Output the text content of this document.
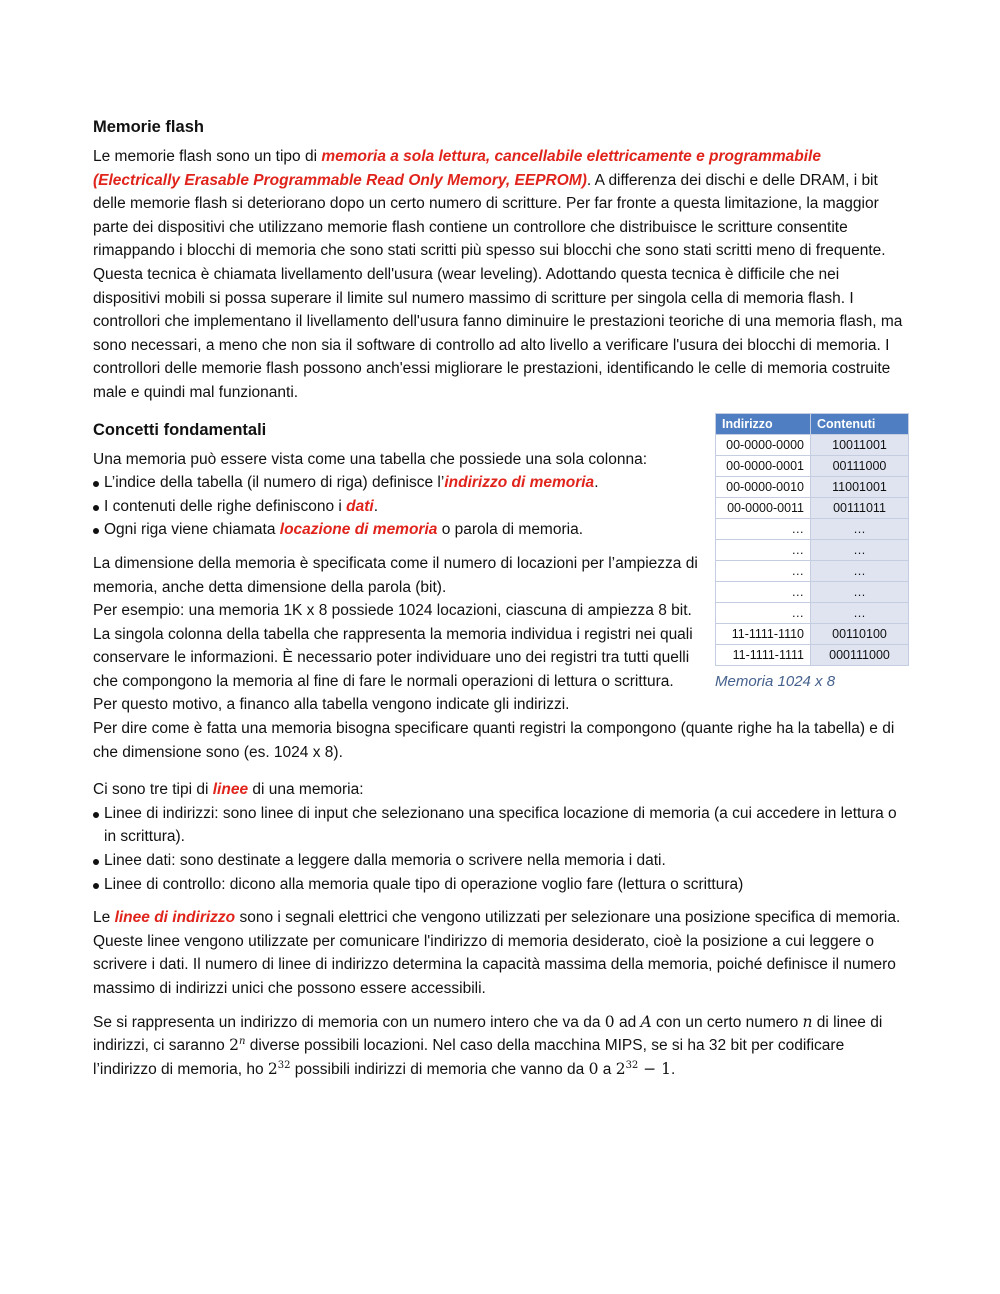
Memorie flash

Le memorie flash sono un tipo di memoria a sola lettura, cancellabile elettricamente e programmabile (Electrically Erasable Programmable Read Only Memory, EEPROM). A differenza dei dischi e delle DRAM, i bit delle memorie flash si deteriorano dopo un certo numero di scritture. Per far fronte a questa limitazione, la maggior parte dei dispositivi che utilizzano memorie flash contiene un controllore che distribuisce le scritture consentite rimappando i blocchi di memoria che sono stati scritti più spesso sui blocchi che sono stati scritti meno di frequente. Questa tecnica è chiamata livellamento dell'usura (wear leveling). Adottando questa tecnica è difficile che nei dispositivi mobili si possa superare il limite sul numero massimo di scritture per singola cella di memoria flash. I controllori che implementano il livellamento dell'usura fanno diminuire le prestazioni teoriche di una memoria flash, ma sono necessari, a meno che non sia il software di controllo ad alto livello a verificare l'usura dei blocchi di memoria. I controllori delle memorie flash possono anch'essi migliorare le prestazioni, identificando le celle di memoria costruite male e quindi mal funzionanti.

Indirizzo	Contenuti
00-0000-0000	10011001
00-0000-0001	00111000
00-0000-0010	11001001
00-0000-0011	00111011
…	…
…	…
…	…
…	…
…	…
11-1111-1110	00110100
11-1111-1111	000111000
Memoria 1024 x 8
Concetti fondamentali

Una memoria può essere vista come una tabella che possiede una sola colonna:

L’indice della tabella (il numero di riga) definisce l’indirizzo di memoria.
I contenuti delle righe definiscono i dati.
Ogni riga viene chiamata locazione di memoria o parola di memoria.

La dimensione della memoria è specificata come il numero di locazioni per l’ampiezza di memoria, anche detta dimensione della parola (bit).
Per esempio: una memoria 1K x 8 possiede 1024 locazioni, ciascuna di ampiezza 8 bit.
La singola colonna della tabella che rappresenta la memoria individua i registri nei quali conservare le informazioni. È necessario poter individuare uno dei registri tra tutti quelli che compongono la memoria al fine di fare le normali operazioni di lettura o scrittura. Per questo motivo, a financo alla tabella vengono indicate gli indirizzi.
Per dire come è fatta una memoria bisogna specificare quanti registri la compongono (quante righe ha la tabella) e di che dimensione sono (es. 1024 x 8).

Ci sono tre tipi di linee di una memoria:

Linee di indirizzi: sono linee di input che selezionano una specifica locazione di memoria (a cui accedere in lettura o in scrittura).
Linee dati: sono destinate a leggere dalla memoria o scrivere nella memoria i dati.
Linee di controllo: dicono alla memoria quale tipo di operazione voglio fare (lettura o scrittura)

Le linee di indirizzo sono i segnali elettrici che vengono utilizzati per selezionare una posizione specifica di memoria. Queste linee vengono utilizzate per comunicare l'indirizzo di memoria desiderato, cioè la posizione a cui leggere o scrivere i dati. Il numero di linee di indirizzo determina la capacità massima della memoria, poiché definisce il numero massimo di indirizzi unici che possono essere accessibili.

Se si rappresenta un indirizzo di memoria con un numero intero che va da 0 ad A con un certo numero n di linee di indirizzi, ci saranno 2$^n$ diverse possibili locazioni. Nel caso della macchina MIPS, se si ha 32 bit per codificare l’indirizzo di memoria, ho $2^{32}$ possibili indirizzi di memoria che vanno da 0 a $2^{32} - 1$.
